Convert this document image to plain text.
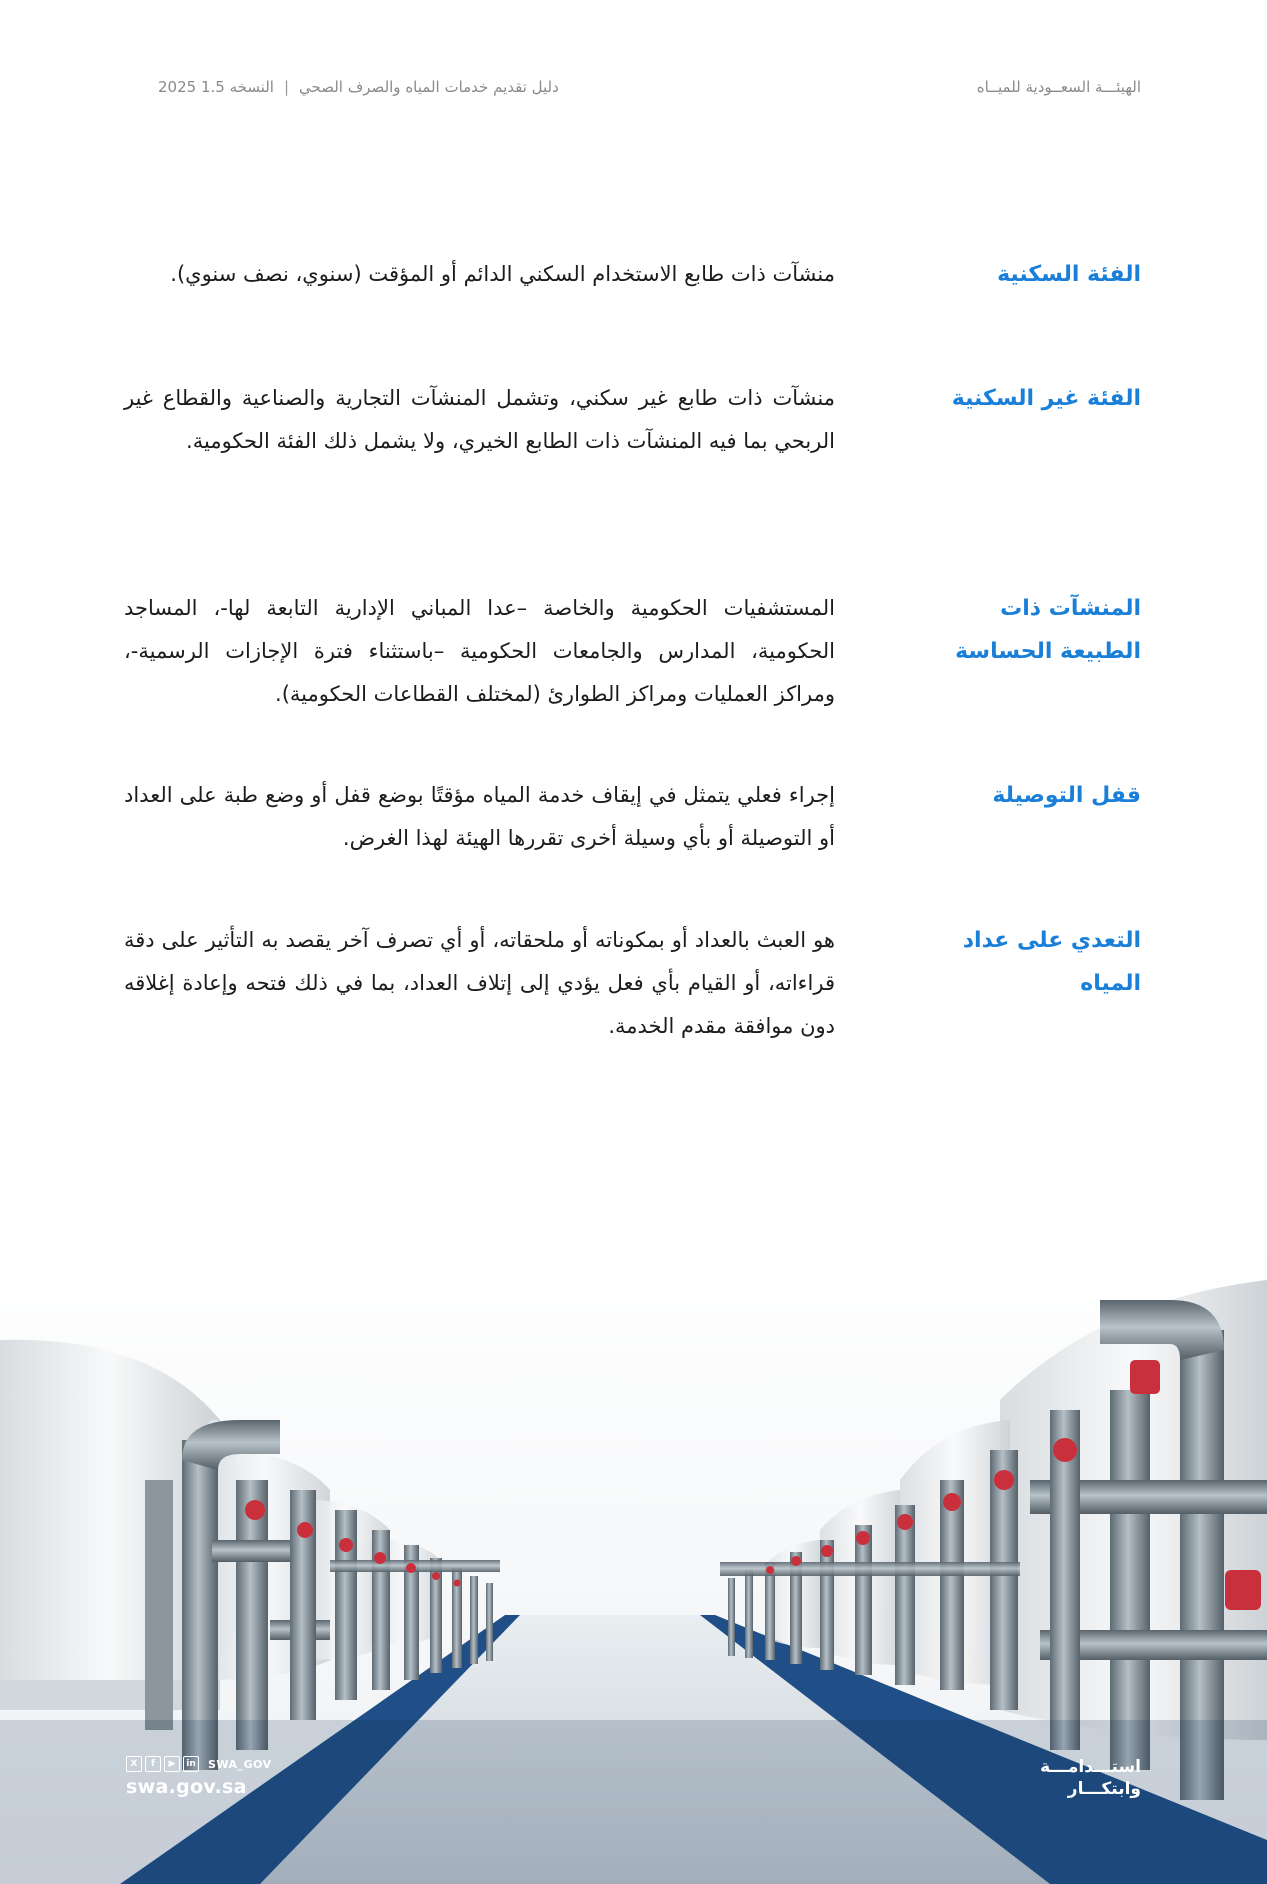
الهيئـــة السعــودية للميــاه
دليل تقديم خدمات المياه والصرف الصحي
|
النسخه 1.5 2025
الفئة السكنية
منشآت ذات طابع الاستخدام السكني الدائم أو المؤقت (سنوي، نصف سنوي).
الفئة غير السكنية
منشآت ذات طابع غير سكني، وتشمل المنشآت التجارية والصناعية والقطاع غير الربحي بما فيه المنشآت ذات الطابع الخيري، ولا يشمل ذلك الفئة الحكومية.
المنشآت ذات الطبيعة الحساسة
المستشفيات الحكومية والخاصة –عدا المباني الإدارية التابعة لها-، المساجد الحكومية، المدارس والجامعات الحكومية –باستثناء فترة الإجازات الرسمية-، ومراكز العمليات ومراكز الطوارئ (لمختلف القطاعات الحكومية).
قفل التوصيلة
إجراء فعلي يتمثل في إيقاف خدمة المياه مؤقتًا بوضع قفل أو وضع طبة على العداد أو التوصيلة أو بأي وسيلة أخرى تقررها الهيئة لهذا الغرض.
التعدي على عداد المياه
هو العبث بالعداد أو بمكوناته أو ملحقاته، أو أي تصرف آخر يقصد به التأثير على دقة قراءاته، أو القيام بأي فعل يؤدي إلى إتلاف العداد، بما في ذلك فتحه وإعادة إغلاقه دون موافقة مقدم الخدمة.
X	f	▶	in SWA_GOV
swa.gov.sa
استـــدامـــة
وابتكـــار
